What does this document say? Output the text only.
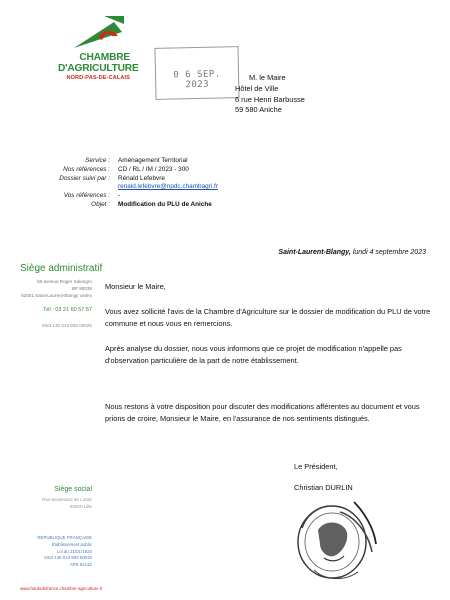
CHAMBRE
D'AGRICULTURE
NORD-PAS-DE-CALAIS	0 6 SEP. 2023
M. le Maire
Hôtel de Ville
6 rue Henri Barbusse
59 580 Aniche
Service :	Aménagement Territorial
Nos références :	CD / RL / IM / 2023 - 300
Dossier suivi par :	Rénald Lefebvre
renald.lefebvre@npdc.chambagri.fr
Vos références :	-
Objet :	Modification du PLU de Aniche
Saint-Laurent-Blangy, lundi 4 septembre 2023
Siège administratif
56 avenue Roger Salengro
BP 80039
62051 Saint-Laurent-Blangy cedex
Tél : 03 21 60 57 57
Siret 130 013 593 00025
Siège social
Rue Boulevard de Lorde
59000 Lille
RÉPUBLIQUE FRANÇAISE
Établissement public
Loi du 31/01/1924
Siret 130 013 593 00033
APE 9411Z
www.hautsdefrance.chambre-agriculture.fr
Monsieur le Maire,
Vous avez sollicité l'avis de la Chambre d'Agriculture sur le dossier de modification du PLU de votre commune et nous vous en remercions.
Après analyse du dossier, nous vous informons que ce projet de modification n'appelle pas d'observation particulière de la part de notre établissement.
Nous restons à votre disposition pour discuter des modifications afférentes au document et vous prions de croire, Monsieur le Maire, en l'assurance de nos sentiments distingués.
Le Président,
Christian DURLIN
